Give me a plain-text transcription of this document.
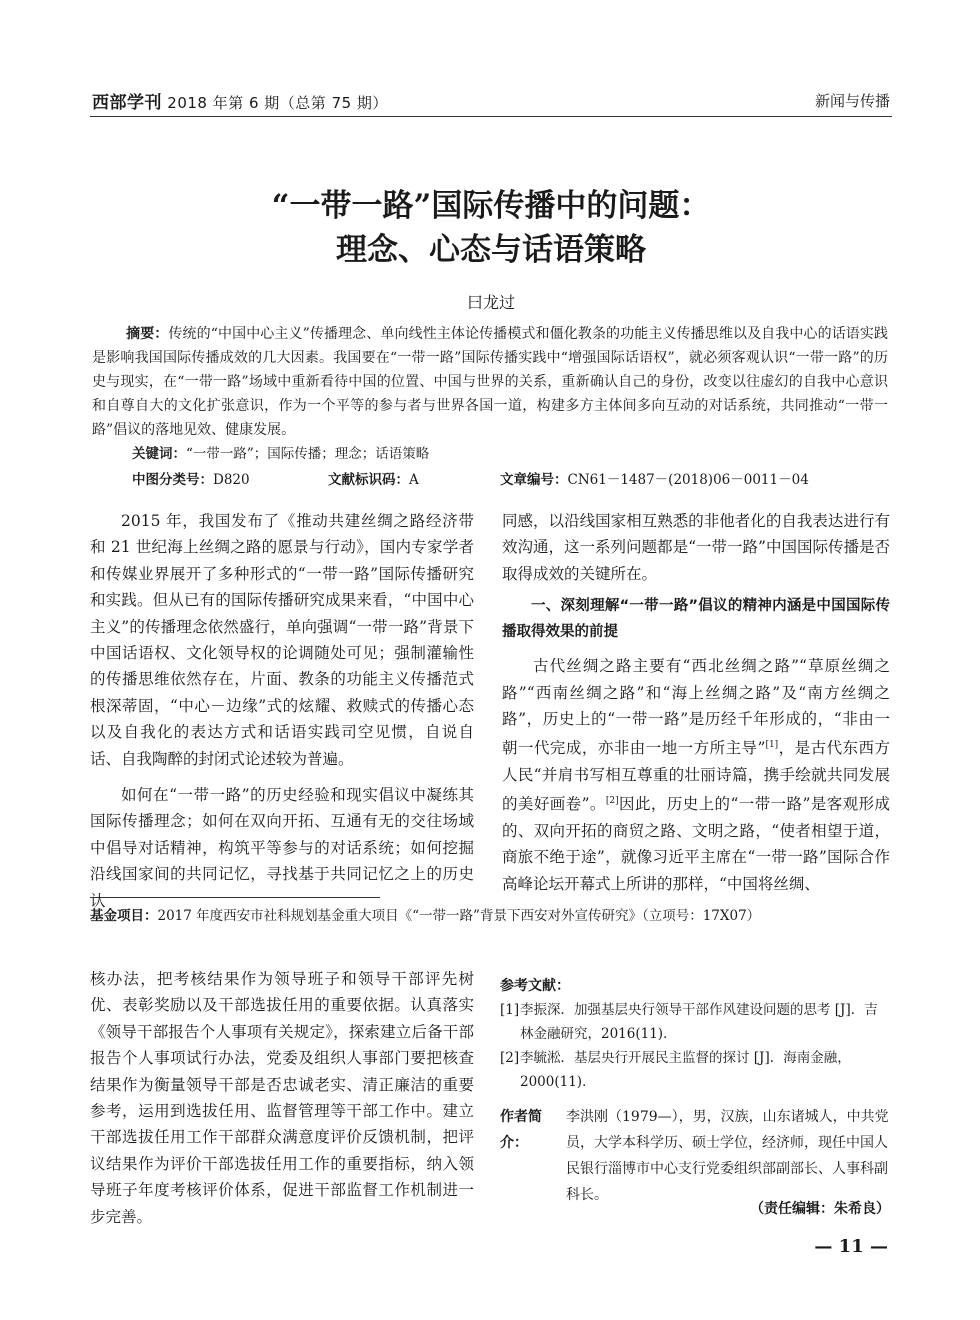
西部学刊 2018 年第 6 期（总第 75 期）	新闻与传播
“一带一路”国际传播中的问题：
理念、心态与话语策略
曰龙过
摘要：传统的“中国中心主义”传播理念、单向线性主体论传播模式和僵化教条的功能主义传播思维以及自我中心的话语实践是影响我国国际传播成效的几大因素。我国要在“一带一路”国际传播实践中“增强国际话语权”，就必须客观认识“一带一路”的历史与现实，在“一带一路”场域中重新看待中国的位置、中国与世界的关系，重新确认自己的身份，改变以往虚幻的自我中心意识和自尊自大的文化扩张意识，作为一个平等的参与者与世界各国一道，构建多方主体间多向互动的对话系统，共同推动“一带一路”倡议的落地见效、健康发展。
关键词：“一带一路”；国际传播；理念；话语策略
中图分类号：D820	文献标识码：A	文章编号：CN61－1487－(2018)06－0011－04

2015 年，我国发布了《推动共建丝绸之路经济带和 21 世纪海上丝绸之路的愿景与行动》，国内专家学者和传媒业界展开了多种形式的“一带一路”国际传播研究和实践。但从已有的国际传播研究成果来看，“中国中心主义”的传播理念依然盛行，单向强调“一带一路”背景下中国话语权、文化领导权的论调随处可见；强制灌输性的传播思维依然存在，片面、教条的功能主义传播范式根深蒂固，“中心－边缘”式的炫耀、救赎式的传播心态以及自我化的表达方式和话语实践司空见惯，自说自话、自我陶醉的封闭式论述较为普遍。

如何在“一带一路”的历史经验和现实倡议中凝练其国际传播理念；如何在双向开拓、互通有无的交往场域中倡导对话精神，构筑平等参与的对话系统；如何挖掘沿线国家间的共同记忆，寻找基于共同记忆之上的历史认

同感，以沿线国家相互熟悉的非他者化的自我表达进行有效沟通，这一系列问题都是“一带一路”中国国际传播是否取得成效的关键所在。

一、深刻理解“一带一路”倡议的精神内涵是中国国际传播取得效果的前提

古代丝绸之路主要有“西北丝绸之路”“草原丝绸之路”“西南丝绸之路”和“海上丝绸之路”及“南方丝绸之路”，历史上的“一带一路”是历经千年形成的，“非由一朝一代完成，亦非由一地一方所主导”[1]，是古代东西方人民“并肩书写相互尊重的壮丽诗篇，携手绘就共同发展的美好画卷”。[2]因此，历史上的“一带一路”是客观形成的、双向开拓的商贸之路、文明之路，“使者相望于道，商旅不绝于途”，就像习近平主席在“一带一路”国际合作高峰论坛开幕式上所讲的那样，“中国将丝绸、

基金项目：2017 年度西安市社科规划基金重大项目《“一带一路”背景下西安对外宣传研究》（立项号：17X07）

核办法，把考核结果作为领导班子和领导干部评先树优、表彰奖励以及干部选拔任用的重要依据。认真落实《领导干部报告个人事项有关规定》，探索建立后备干部报告个人事项试行办法，党委及组织人事部门要把核查结果作为衡量领导干部是否忠诚老实、清正廉洁的重要参考，运用到选拔任用、监督管理等干部工作中。建立干部选拔任用工作干部群众满意度评价反馈机制，把评议结果作为评价干部选拔任用工作的重要指标，纳入领导班子年度考核评价体系，促进干部监督工作机制进一步完善。

参考文献：
[1] 李振深．加强基层央行领导干部作风建设问题的思考 [J]．吉林金融研究，2016(11)．
[2] 李毓淞．基层央行开展民主监督的探讨 [J]．海南金融，2000(11)．
作者简介：
李洪刚（1979—），男，汉族，山东诸城人，中共党员，大学本科学历、硕士学位，经济师，现任中国人民银行淄博市中心支行党委组织部副部长、人事科副科长。
（责任编辑：朱希良）
— 11 —
